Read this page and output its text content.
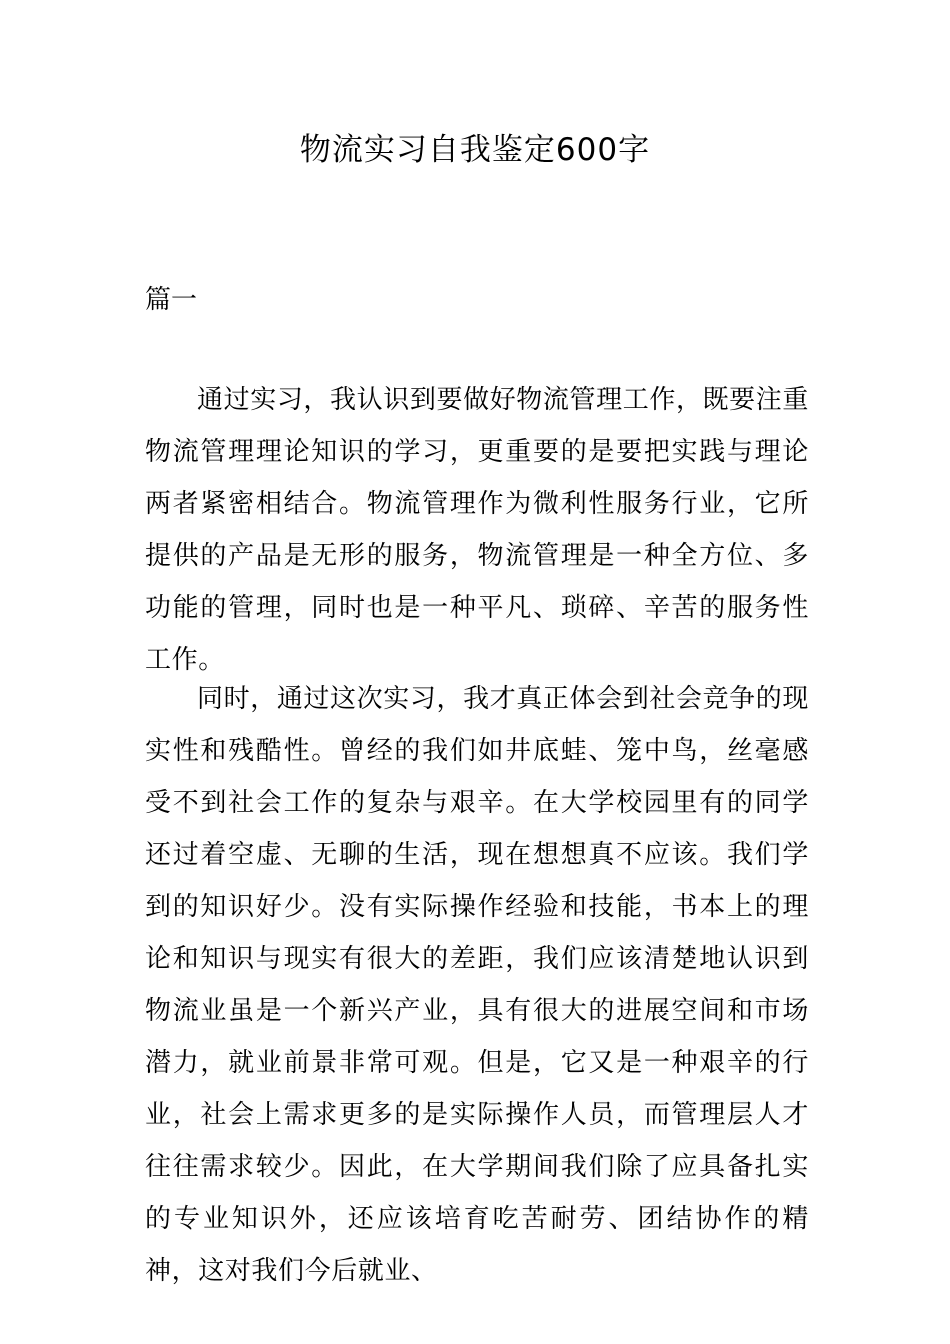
物流实习自我鉴定600字

篇一

通过实习，我认识到要做好物流管理工作，既要注重物流管理理论知识的学习，更重要的是要把实践与理论两者紧密相结合。物流管理作为微利性服务行业，它所提供的产品是无形的服务，物流管理是一种全方位、多功能的管理，同时也是一种平凡、琐碎、辛苦的服务性工作。

同时，通过这次实习，我才真正体会到社会竞争的现实性和残酷性。曾经的我们如井底蛙、笼中鸟，丝毫感受不到社会工作的复杂与艰辛。在大学校园里有的同学还过着空虚、无聊的生活，现在想想真不应该。我们学到的知识好少。没有实际操作经验和技能，书本上的理论和知识与现实有很大的差距，我们应该清楚地认识到物流业虽是一个新兴产业，具有很大的进展空间和市场潜力，就业前景非常可观。但是，它又是一种艰辛的行业，社会上需求更多的是实际操作人员，而管理层人才往往需求较少。因此，在大学期间我们除了应具备扎实的专业知识外，还应该培育吃苦耐劳、团结协作的精神，这对我们今后就业、
